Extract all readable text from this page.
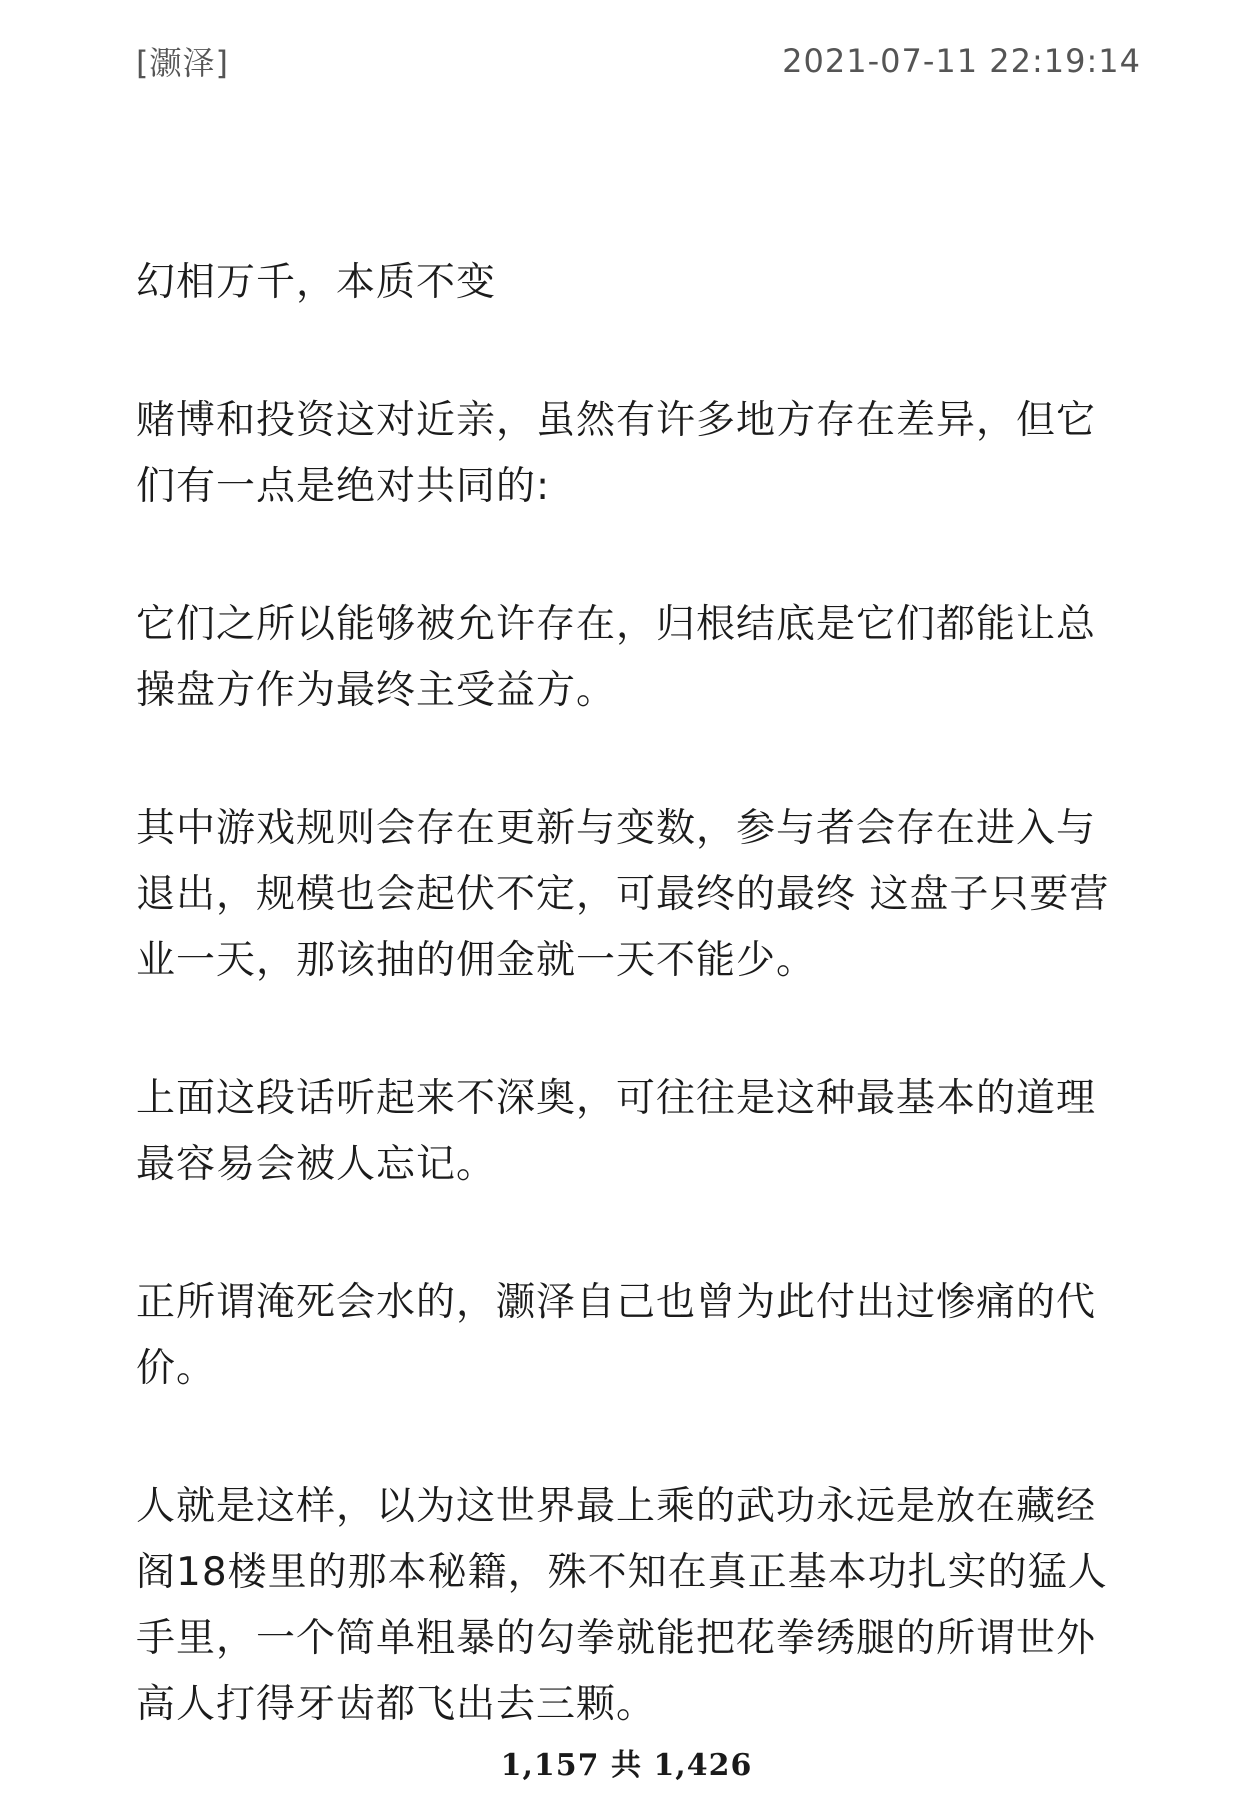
[灏泽]	2021-07-11 22:19:14

幻相万千，本质不变

赌博和投资这对近亲，虽然有许多地方存在差异，但它们有一点是绝对共同的:

它们之所以能够被允许存在，归根结底是它们都能让总操盘方作为最终主受益方。

其中游戏规则会存在更新与变数，参与者会存在进入与退出，规模也会起伏不定，可最终的最终 这盘子只要营业一天，那该抽的佣金就一天不能少。

上面这段话听起来不深奥，可往往是这种最基本的道理最容易会被人忘记。

正所谓淹死会水的，灏泽自己也曾为此付出过惨痛的代价。

人就是这样，以为这世界最上乘的武功永远是放在藏经阁18楼里的那本秘籍，殊不知在真正基本功扎实的猛人手里，一个简单粗暴的勾拳就能把花拳绣腿的所谓世外高人打得牙齿都飞出去三颗。

1,157 共 1,426
